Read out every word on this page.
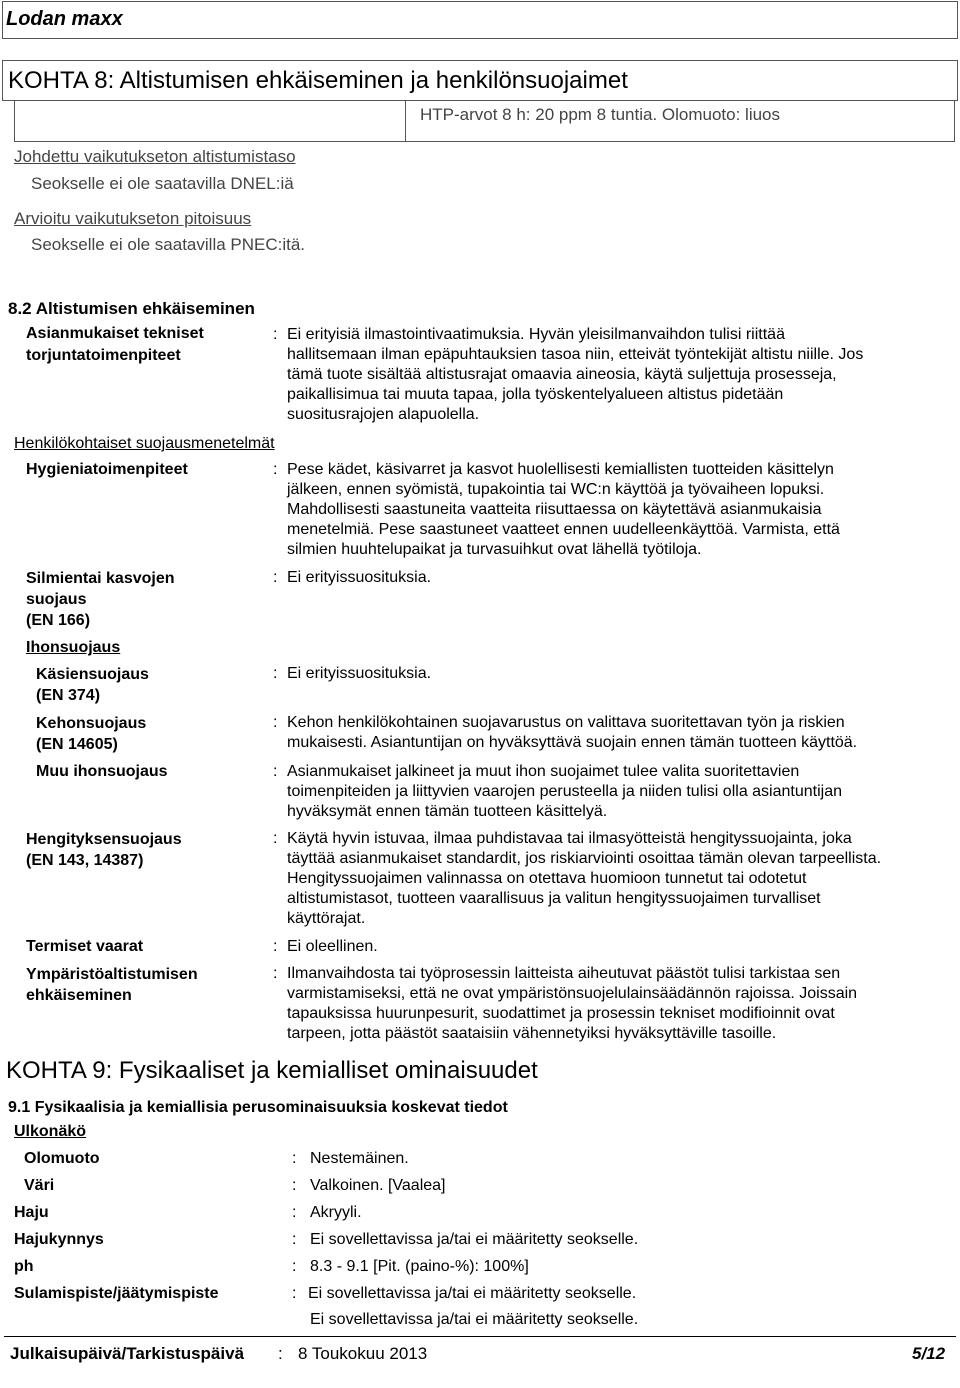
Lodan maxx
KOHTA 8: Altistumisen ehkäiseminen ja henkilönsuojaimet
HTP-arvot 8 h: 20 ppm 8 tuntia. Olomuoto: liuos
Johdettu vaikutukseton altistumistaso
Seokselle ei ole saatavilla DNEL:iä
Arvioitu vaikutukseton pitoisuus
Seokselle ei ole saatavilla PNEC:itä.
8.2 Altistumisen ehkäiseminen
Asianmukaiset tekniset
torjuntatoimenpiteet
: Ei erityisiä ilmastointivaatimuksia. Hyvän yleisilmanvaihdon tulisi riittää
hallitsemaan ilman epäpuhtauksien tasoa niin, etteivät työntekijät altistu niille. Jos
tämä tuote sisältää altistusrajat omaavia aineosia, käytä suljettuja prosesseja,
paikallisimua tai muuta tapaa, jolla työskentelyalueen altistus pidetään
suositusrajojen alapuolella.
Henkilökohtaiset suojausmenetelmät
Hygieniatoimenpiteet	: Pese kädet, käsivarret ja kasvot huolellisesti kemiallisten tuotteiden käsittelyn
jälkeen, ennen syömistä, tupakointia tai WC:n käyttöä ja työvaiheen lopuksi.
Mahdollisesti saastuneita vaatteita riisuttaessa on käytettävä asianmukaisia
menetelmiä. Pese saastuneet vaatteet ennen uudelleenkäyttöä. Varmista, että
silmien huuhtelupaikat ja turvasuihkut ovat lähellä työtiloja.
Silmientai kasvojen
suojaus
(EN 166)
: Ei erityissuosituksia.
Ihonsuojaus
Käsiensuojaus
(EN 374)
: Ei erityissuosituksia.
Kehonsuojaus
(EN 14605)
: Kehon henkilökohtainen suojavarustus on valittava suoritettavan työn ja riskien
mukaisesti. Asiantuntijan on hyväksyttävä suojain ennen tämän tuotteen käyttöä.
Muu ihonsuojaus	: Asianmukaiset jalkineet ja muut ihon suojaimet tulee valita suoritettavien
toimenpiteiden ja liittyvien vaarojen perusteella ja niiden tulisi olla asiantuntijan
hyväksymät ennen tämän tuotteen käsittelyä.
Hengityksensuojaus
(EN 143, 14387)
: Käytä hyvin istuvaa, ilmaa puhdistavaa tai ilmasyötteistä hengityssuojainta, joka
täyttää asianmukaiset standardit, jos riskiarviointi osoittaa tämän olevan tarpeellista.
Hengityssuojaimen valinnassa on otettava huomioon tunnetut tai odotetut
altistumistasot, tuotteen vaarallisuus ja valitun hengityssuojaimen turvalliset
käyttörajat.
Termiset vaarat	: Ei oleellinen.
Ympäristöaltistumisen
ehkäiseminen
: Ilmanvaihdosta tai työprosessin laitteista aiheutuvat päästöt tulisi tarkistaa sen
varmistamiseksi, että ne ovat ympäristönsuojelulainsäädännön rajoissa. Joissain
tapauksissa huurunpesurit, suodattimet ja prosessin tekniset modifioinnit ovat
tarpeen, jotta päästöt saataisiin vähennetyiksi hyväksyttäville tasoille.
KOHTA 9: Fysikaaliset ja kemialliset ominaisuudet
9.1 Fysikaalisia ja kemiallisia perusominaisuuksia koskevat tiedot
Ulkonäkö
Olomuoto	: Nestemäinen.
Väri	: Valkoinen. [Vaalea]
Haju	: Akryyli.
Hajukynnys	: Ei sovellettavissa ja/tai ei määritetty seokselle.
ph	: 8.3 - 9.1 [Pit. (paino-%): 100%]
Sulamispiste/jäätymispiste	: Ei sovellettavissa ja/tai ei määritetty seokselle.
Ei sovellettavissa ja/tai ei määritetty seokselle.
Julkaisupäivä/Tarkistuspäivä : 8 Toukokuu 2013	5/12
